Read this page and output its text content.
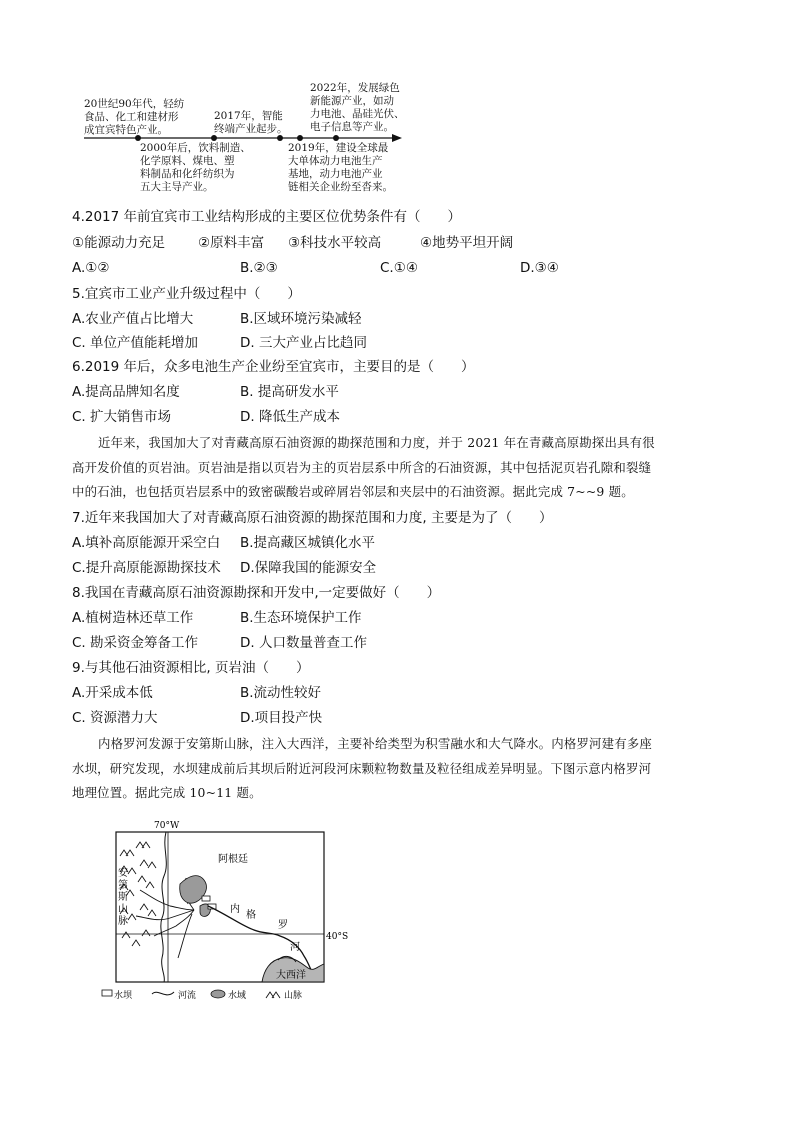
20世纪90年代，轻纺
食品、化工和建材形
成宜宾特色产业。
2017年，智能
终端产业起步。
2022年，发展绿色
新能源产业，如动
力电池、晶硅光伏、
电子信息等产业。
2000年后，饮料制造、
化学原料、煤电、塑
料制品和化纤纺织为
五大主导产业。
2019年，建设全球最
大单体动力电池生产
基地，动力电池产业
链相关企业纷至沓来。
4.2017 年前宜宾市工业结构形成的主要区位优势条件有（　　）
①能源动力充足 ②原料丰富 ③科技水平较高	④地势平坦开阔
A.①②	B.②③	C.①④	D.③④
5.宜宾市工业产业升级过程中（　　）
A.农业产值占比增大	B.区域环境污染减轻
C. 单位产值能耗增加	D. 三大产业占比趋同
6.2019 年后，众多电池生产企业纷至宜宾市，主要目的是（　　）
A.提高品牌知名度	B. 提高研发水平
C. 扩大销售市场	D. 降低生产成本
近年来，我国加大了对青藏高原石油资源的勘探范围和力度，并于 2021 年在青藏高原勘探出具有很
高开发价值的页岩油。页岩油是指以页岩为主的页岩层系中所含的石油资源，其中包括泥页岩孔隙和裂缝
中的石油，也包括页岩层系中的致密碳酸岩或碎屑岩邻层和夹层中的石油资源。据此完成 7~~9 题。
7.近年来我国加大了对青藏高原石油资源的勘探范围和力度, 主要是为了（　　）
A.填补高原能源开采空白 B.提高藏区城镇化水平
C.提升高原能源勘探技术 D.保障我国的能源安全
8.我国在青藏高原石油资源勘探和开发中,一定要做好（　　）
A.植树造林还草工作	B.生态环境保护工作
C. 勘采资金筹备工作	D. 人口数量普查工作
9.与其他石油资源相比, 页岩油（　　）
A.开采成本低	B.流动性较好
C. 资源潜力大	D.项目投产快
内格罗河发源于安第斯山脉，注入大西洋，主要补给类型为积雪融水和大气降水。内格罗河建有多座
水坝，研究发现，水坝建成前后其坝后附近河段河床颗粒物数量及粒径组成差异明显。下图示意内格罗河
地理位置。据此完成 10~11 题。
70°W
40°S
阿根廷
安
第
斯
山
脉
内
格
罗
河
大西洋
水坝	河流	水域	山脉
